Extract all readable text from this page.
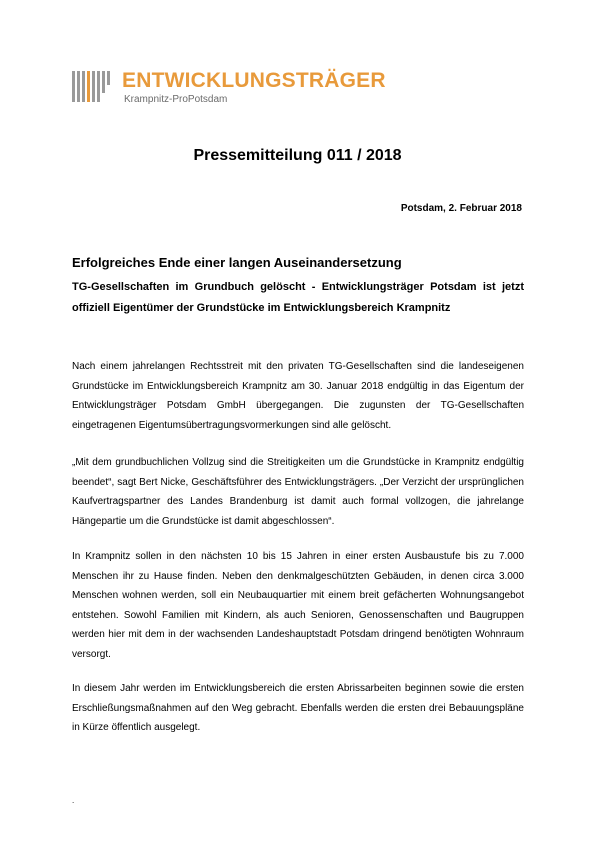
ENTWICKLUNGSTRÄGER
Krampnitz-ProPotsdam
Pressemitteilung 011 / 2018
Potsdam, 2. Februar 2018
Erfolgreiches Ende einer langen Auseinandersetzung
TG-Gesellschaften im Grundbuch gelöscht - Entwicklungsträger Potsdam ist jetzt offiziell Eigentümer der Grundstücke im Entwicklungsbereich Krampnitz
Nach einem jahrelangen Rechtsstreit mit den privaten TG-Gesellschaften sind die landeseigenen Grundstücke im Entwicklungsbereich Krampnitz am 30. Januar 2018 endgültig in das Eigentum der Entwicklungsträger Potsdam GmbH übergegangen. Die zugunsten der TG-Gesellschaften eingetragenen Eigentumsübertragungsvormerkungen sind alle gelöscht.
„Mit dem grundbuchlichen Vollzug sind die Streitigkeiten um die Grundstücke in Krampnitz endgültig beendet“, sagt Bert Nicke, Geschäftsführer des Entwicklungsträgers. „Der Verzicht der ursprünglichen Kaufvertragspartner des Landes Brandenburg ist damit auch formal vollzogen, die jahrelange Hängepartie um die Grundstücke ist damit abgeschlossen“.
In Krampnitz sollen in den nächsten 10 bis 15 Jahren in einer ersten Ausbaustufe bis zu 7.000 Menschen ihr zu Hause finden. Neben den denkmalgeschützten Gebäuden, in denen circa 3.000 Menschen wohnen werden, soll ein Neubauquartier mit einem breit gefächerten Wohnungsangebot entstehen. Sowohl Familien mit Kindern, als auch Senioren, Genossenschaften und Baugruppen werden hier mit dem in der wachsenden Landeshauptstadt Potsdam dringend benötigten Wohnraum versorgt.
In diesem Jahr werden im Entwicklungsbereich die ersten Abrissarbeiten beginnen sowie die ersten Erschließungsmaßnahmen auf den Weg gebracht. Ebenfalls werden die ersten drei Bebauungspläne in Kürze öffentlich ausgelegt.
.
